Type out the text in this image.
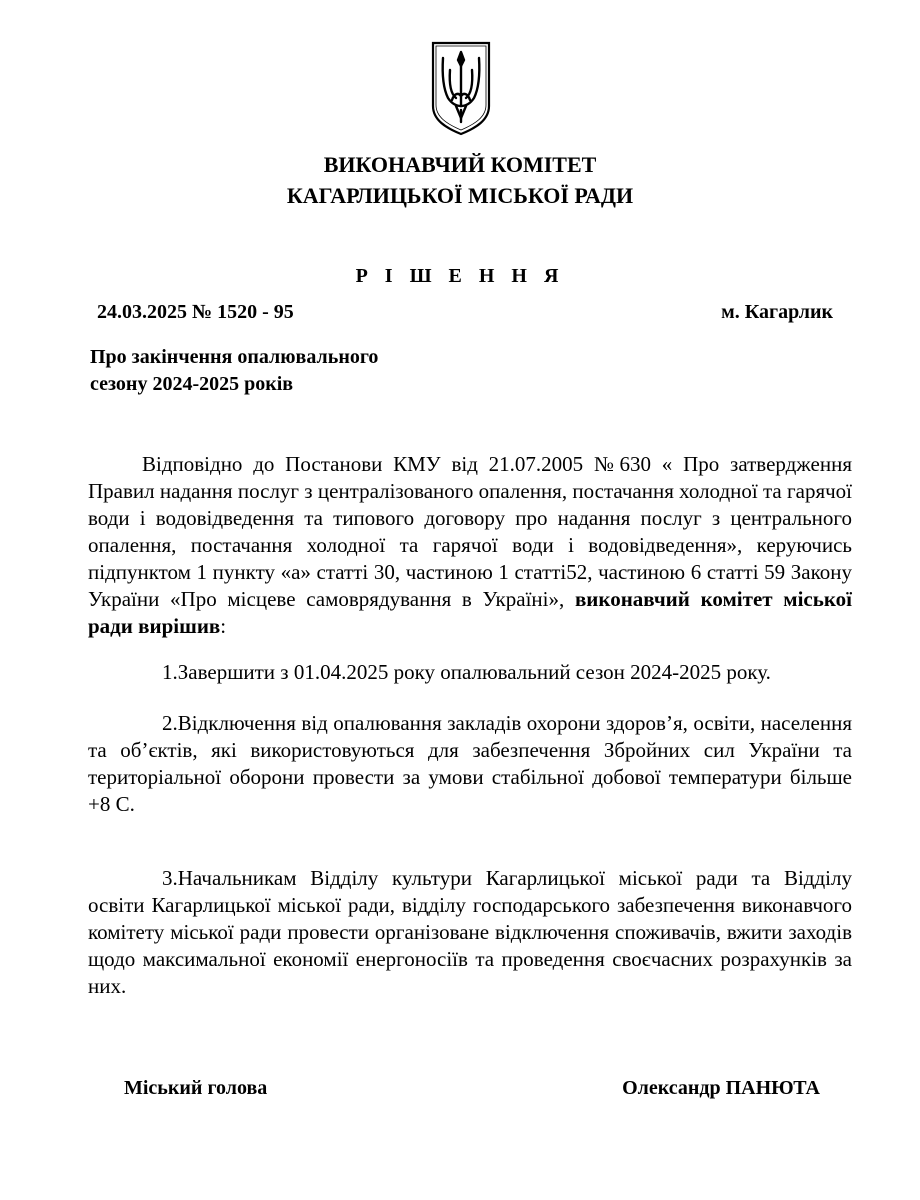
ВИКОНАВЧИЙ КОМІТЕТ
КАГАРЛИЦЬКОЇ МІСЬКОЇ РАДИ
Р І Ш Е Н Н Я
24.03.2025 № 1520 - 95	м. Кагарлик
Про закінчення опалювального
сезону 2024-2025 років
Відповідно до Постанови КМУ від 21.07.2005 №630 « Про затвердження Правил надання послуг з централізованого опалення, постачання холодної та гарячої води і водовідведення та типового договору про надання послуг з центрального опалення, постачання холодної та гарячої води і водовідведення», керуючись підпунктом 1 пункту «а» статті 30, частиною 1 статті52, частиною 6 статті 59 Закону України «Про місцеве самоврядування в Україні», виконавчий комітет міської ради вирішив:
1.Завершити з 01.04.2025 року опалювальний сезон 2024-2025 року.
2.Відключення від опалювання закладів охорони здоров’я, освіти, населення та об’єктів, які використовуються для забезпечення Збройних сил України та територіальної оборони провести за умови стабільної добової температури більше +8 С.
3.Начальникам Відділу культури Кагарлицької міської ради та Відділу освіти Кагарлицької міської ради, відділу господарського забезпечення виконавчого комітету міської ради провести організоване відключення споживачів, вжити заходів щодо максимальної економії енергоносіїв та проведення своєчасних розрахунків за них.
Міський голова	Олександр ПАНЮТА
